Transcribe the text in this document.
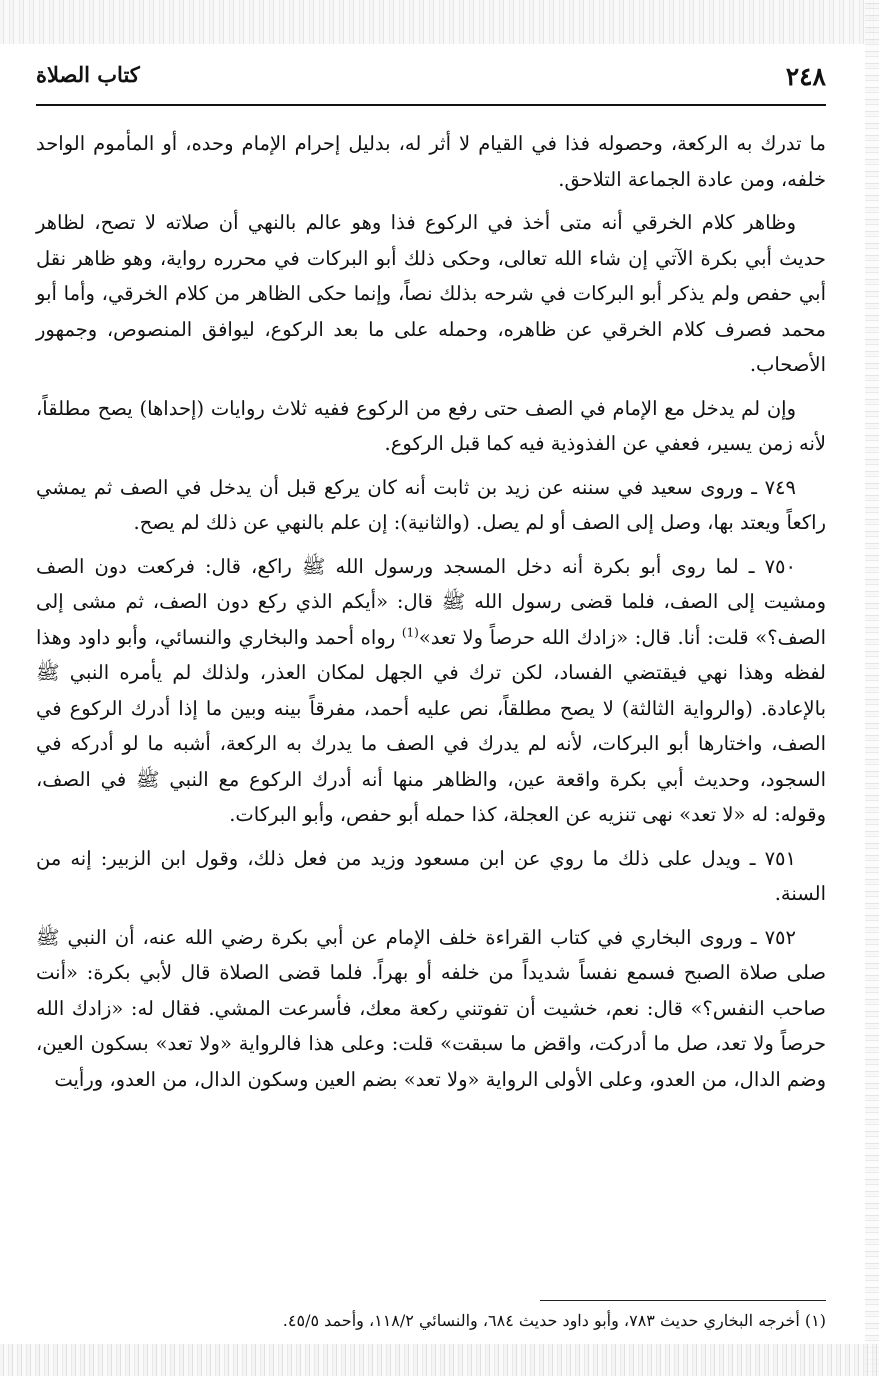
٢٤٨
كتاب الصلاة

ما تدرك به الركعة، وحصوله فذا في القيام لا أثر له، بدليل إحرام الإمام وحده، أو المأموم الواحد خلفه، ومن عادة الجماعة التلاحق.

وظاهر كلام الخرقي أنه متى أخذ في الركوع فذا وهو عالم بالنهي أن صلاته لا تصح، لظاهر حديث أبي بكرة الآتي إن شاء الله تعالى، وحكى ذلك أبو البركات في محرره رواية، وهو ظاهر نقل أبي حفص ولم يذكر أبو البركات في شرحه بذلك نصاً، وإنما حكى الظاهر من كلام الخرقي، وأما أبو محمد فصرف كلام الخرقي عن ظاهره، وحمله على ما بعد الركوع، ليوافق المنصوص، وجمهور الأصحاب.

وإن لم يدخل مع الإمام في الصف حتى رفع من الركوع ففيه ثلاث روايات (إحداها) يصح مطلقاً، لأنه زمن يسير، فعفي عن الفذوذية فيه كما قبل الركوع.

٧٤٩ ـ وروى سعيد في سننه عن زيد بن ثابت أنه كان يركع قبل أن يدخل في الصف ثم يمشي راكعاً ويعتد بها، وصل إلى الصف أو لم يصل. (والثانية): إن علم بالنهي عن ذلك لم يصح.

٧٥٠ ـ لما روى أبو بكرة أنه دخل المسجد ورسول الله ﷺ راكع، قال: فركعت دون الصف ومشيت إلى الصف، فلما قضى رسول الله ﷺ قال: «أيكم الذي ركع دون الصف، ثم مشى إلى الصف؟» قلت: أنا. قال: «زادك الله حرصاً ولا تعد»$^{(1)}$ رواه أحمد والبخاري والنسائي، وأبو داود وهذا لفظه وهذا نهي فيقتضي الفساد، لكن ترك في الجهل لمكان العذر، ولذلك لم يأمره النبي ﷺ بالإعادة. (والرواية الثالثة) لا يصح مطلقاً، نص عليه أحمد، مفرقاً بينه وبين ما إذا أدرك الركوع في الصف، واختارها أبو البركات، لأنه لم يدرك في الصف ما يدرك به الركعة، أشبه ما لو أدركه في السجود، وحديث أبي بكرة واقعة عين، والظاهر منها أنه أدرك الركوع مع النبي ﷺ في الصف، وقوله: له «لا تعد» نهى تنزيه عن العجلة، كذا حمله أبو حفص، وأبو البركات.

٧٥١ ـ ويدل على ذلك ما روي عن ابن مسعود وزيد من فعل ذلك، وقول ابن الزبير: إنه من السنة.

٧٥٢ ـ وروى البخاري في كتاب القراءة خلف الإمام عن أبي بكرة رضي الله عنه، أن النبي ﷺ صلى صلاة الصبح فسمع نفساً شديداً من خلفه أو بهراً. فلما قضى الصلاة قال لأبي بكرة: «أنت صاحب النفس؟» قال: نعم، خشيت أن تفوتني ركعة معك، فأسرعت المشي. فقال له: «زادك الله حرصاً ولا تعد، صل ما أدركت، واقض ما سبقت» قلت: وعلى هذا فالرواية «ولا تعد» بسكون العين، وضم الدال، من العدو، وعلى الأولى الرواية «ولا تعد» بضم العين وسكون الدال، من العدو، ورأيت

(١) أخرجه البخاري حديث ٧٨٣، وأبو داود حديث ٦٨٤، والنسائي ١١٨/٢، وأحمد ٤٥/٥.
